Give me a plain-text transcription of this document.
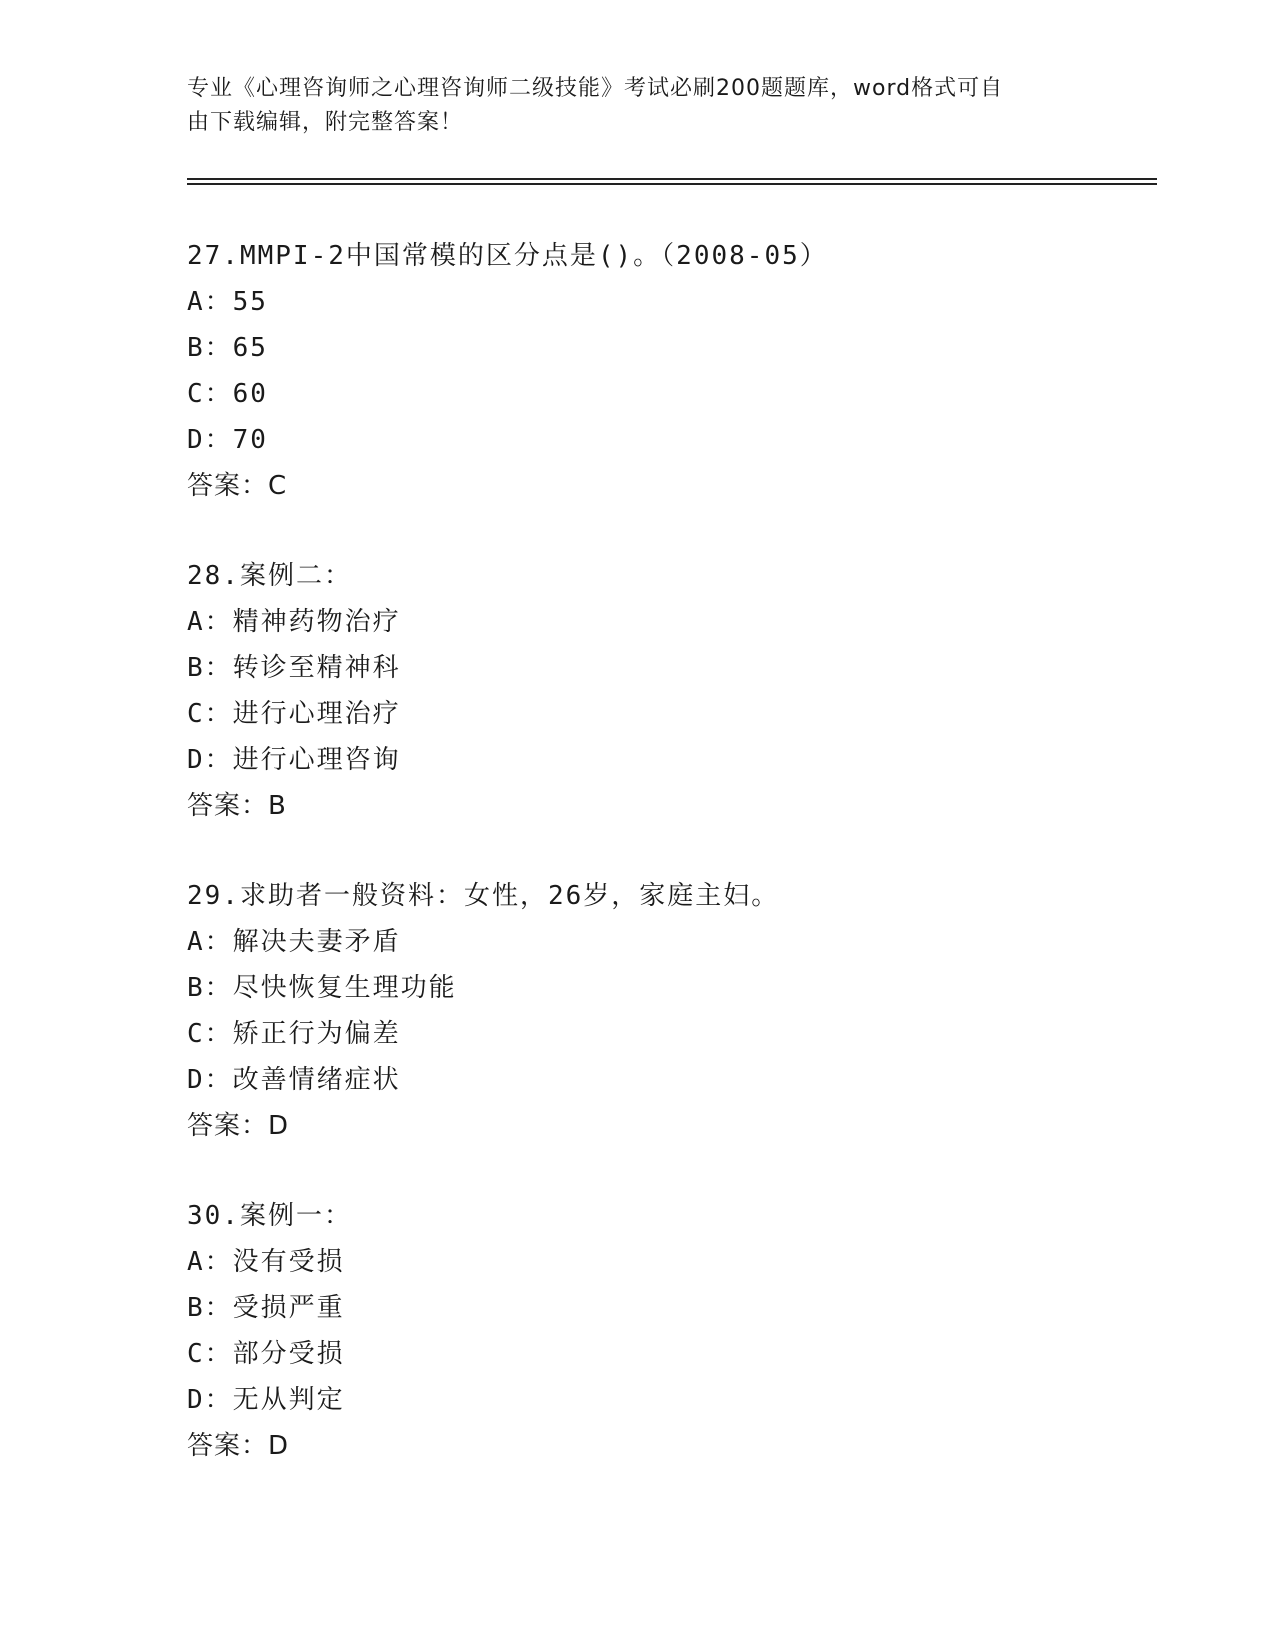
专业《心理咨询师之心理咨询师二级技能》考试必刷200题题库，word格式可自
由下载编辑，附完整答案！
27.MMPI-2中国常模的区分点是()。（2008-05）
A：55
B：65
C：60
D：70
答案：C
28.案例二：
A：精神药物治疗
B：转诊至精神科
C：进行心理治疗
D：进行心理咨询
答案：B
29.求助者一般资料：女性，26岁，家庭主妇。
A：解决夫妻矛盾
B：尽快恢复生理功能
C：矫正行为偏差
D：改善情绪症状
答案：D
30.案例一：
A：没有受损
B：受损严重
C：部分受损
D：无从判定
答案：D
